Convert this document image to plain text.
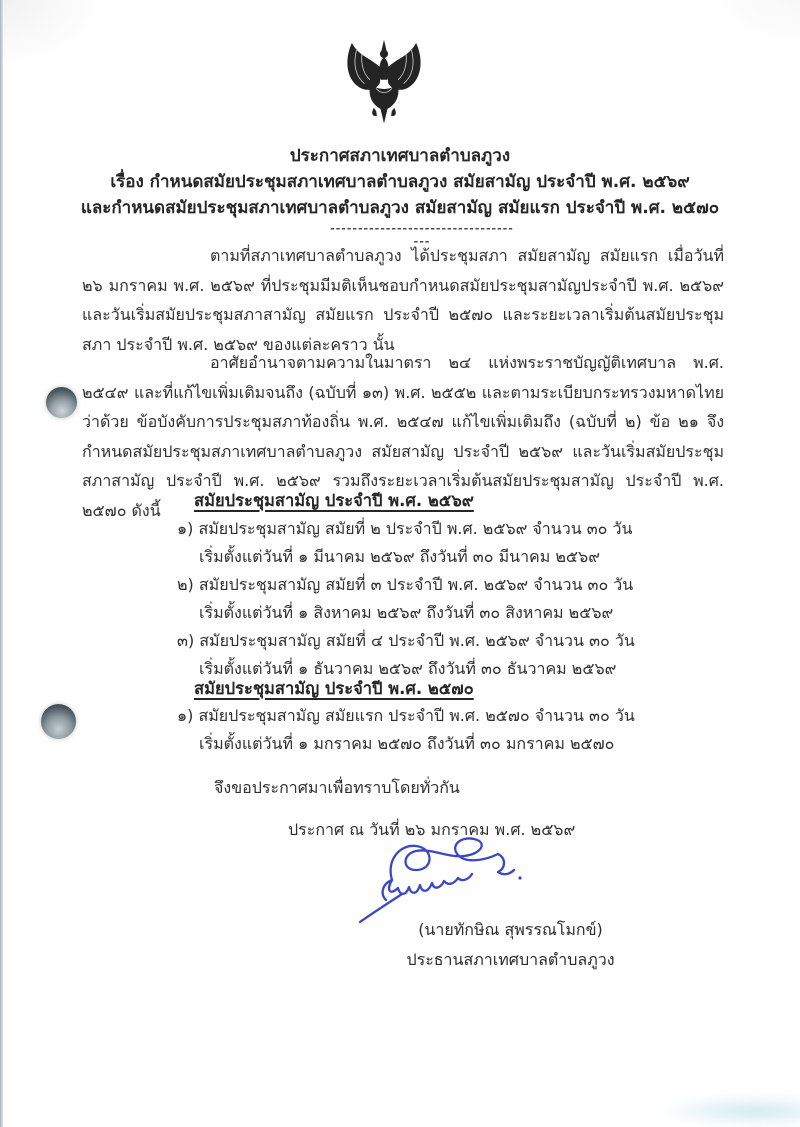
ประกาศสภาเทศบาลตำบลภูวง
เรื่อง กำหนดสมัยประชุมสภาเทศบาลตำบลภูวง สมัยสามัญ ประจำปี พ.ศ. ๒๕๖๙
และกำหนดสมัยประชุมสภาเทศบาลตำบลภูวง สมัยสามัญ สมัยแรก ประจำปี พ.ศ. ๒๕๗๐
------------------------------------
ตามที่สภาเทศบาลตำบลภูวง ได้ประชุมสภา สมัยสามัญ สมัยแรก เมื่อวันที่ ๒๖ มกราคม พ.ศ. ๒๕๖๙ ที่ประชุมมีมติเห็นชอบกำหนดสมัยประชุมสามัญประจำปี พ.ศ. ๒๕๖๙ และวันเริ่มสมัยประชุมสภาสามัญ สมัยแรก ประจำปี ๒๕๗๐ และระยะเวลาเริ่มต้นสมัยประชุมสภา ประจำปี พ.ศ. ๒๕๖๙ ของแต่ละคราว นั้น
อาศัยอำนาจตามความในมาตรา ๒๔ แห่งพระราชบัญญัติเทศบาล พ.ศ. ๒๕๔๙ และที่แก้ไขเพิ่มเติมจนถึง (ฉบับที่ ๑๓) พ.ศ. ๒๕๕๒ และตามระเบียบกระทรวงมหาดไทยว่าด้วย ข้อบังคับการประชุมสภาท้องถิ่น พ.ศ. ๒๕๔๗ แก้ไขเพิ่มเติมถึง (ฉบับที่ ๒) ข้อ ๒๑ จึงกำหนดสมัยประชุมสภาเทศบาลตำบลภูวง สมัยสามัญ ประจำปี ๒๕๖๙ และวันเริ่มสมัยประชุมสภาสามัญ ประจำปี พ.ศ. ๒๕๖๙ รวมถึงระยะเวลาเริ่มต้นสมัยประชุมสามัญ ประจำปี พ.ศ. ๒๕๗๐ ดังนี้	สมัยประชุมสามัญ ประจำปี พ.ศ. ๒๕๖๙
๑) สมัยประชุมสามัญ สมัยที่ ๒ ประจำปี พ.ศ. ๒๕๖๙ จำนวน ๓๐ วัน
เริ่มตั้งแต่วันที่ ๑ มีนาคม ๒๕๖๙ ถึงวันที่ ๓๐ มีนาคม ๒๕๖๙
๒) สมัยประชุมสามัญ สมัยที่ ๓ ประจำปี พ.ศ. ๒๕๖๙ จำนวน ๓๐ วัน
เริ่มตั้งแต่วันที่ ๑ สิงหาคม ๒๕๖๙ ถึงวันที่ ๓๐ สิงหาคม ๒๕๖๙
๓) สมัยประชุมสามัญ สมัยที่ ๔ ประจำปี พ.ศ. ๒๕๖๙ จำนวน ๓๐ วัน
เริ่มตั้งแต่วันที่ ๑ ธันวาคม ๒๕๖๙ ถึงวันที่ ๓๐ ธันวาคม ๒๕๖๙
สมัยประชุมสามัญ ประจำปี พ.ศ. ๒๕๗๐
๑) สมัยประชุมสามัญ สมัยแรก ประจำปี พ.ศ. ๒๕๗๐ จำนวน ๓๐ วัน
เริ่มตั้งแต่วันที่ ๑ มกราคม ๒๕๗๐ ถึงวันที่ ๓๐ มกราคม ๒๕๗๐
จึงขอประกาศมาเพื่อทราบโดยทั่วกัน
ประกาศ ณ วันที่ ๒๖ มกราคม พ.ศ. ๒๕๖๙
(นายทักษิณ สุพรรณโมกข์)
ประธานสภาเทศบาลตำบลภูวง
